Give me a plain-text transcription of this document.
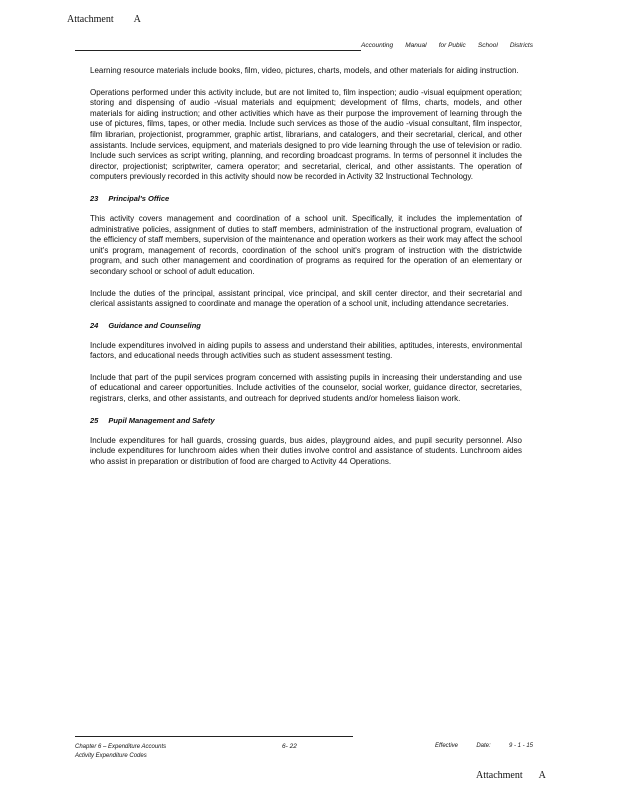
Attachment A
Accounting Manual for Public School Districts

Learning resource materials include books, film, video, pictures, charts, models, and other materials for aiding instruction.

Operations performed under this activity include, but are not limited to, film inspection; audio -visual equipment operation; storing and dispensing of audio -visual materials and equipment; development of films, charts, models, and other materials for aiding instruction; and other activities which have as their purpose the improvement of learning through the use of pictures, films, tapes, or other media. Include such services as those of the audio -visual consultant, film inspector, film librarian, projectionist, programmer, graphic artist, librarians, and catalogers, and their secretarial, clerical, and other assistants. Include services, equipment, and materials designed to pro vide learning through the use of television or radio. Include such services as script writing, planning, and recording broadcast programs. In terms of personnel it includes the director, projectionist; scriptwriter, camera operator; and secretarial, clerical, and other assistants. The operation of computers previously recorded in this activity should now be recorded in Activity 32 Instructional Technology.

23 Principal's Office

This activity covers management and coordination of a school unit. Specifically, it includes the implementation of administrative policies, assignment of duties to staff members, administration of the instructional program, evaluation of the efficiency of staff members, supervision of the maintenance and operation workers as their work may affect the school unit's program, management of records, coordination of the school unit's program of instruction with the districtwide program, and such other management and coordination of programs as required for the operation of an elementary or secondary school or school of adult education.

Include the duties of the principal, assistant principal, vice principal, and skill center director, and their secretarial and clerical assistants assigned to coordinate and manage the operation of a school unit, including attendance secretaries.

24 Guidance and Counseling

Include expenditures involved in aiding pupils to assess and understand their abilities, aptitudes, interests, environmental factors, and educational needs through activities such as student assessment testing.

Include that part of the pupil services program concerned with assisting pupils in increasing their understanding and use of educational and career opportunities. Include activities of the counselor, social worker, guidance director, secretaries, registrars, clerks, and other assistants, and outreach for deprived students and/or homeless liaison work.

25 Pupil Management and Safety

Include expenditures for hall guards, crossing guards, bus aides, playground aides, and pupil security personnel. Also include expenditures for lunchroom aides when their duties involve control and assistance of students. Lunchroom aides who assist in preparation or distribution of food are charged to Activity 44 Operations.

Chapter 6 – Expenditure Accounts
Activity Expenditure Codes
6- 22	Effective	Date:	9 - 1 - 15
Attachment A
